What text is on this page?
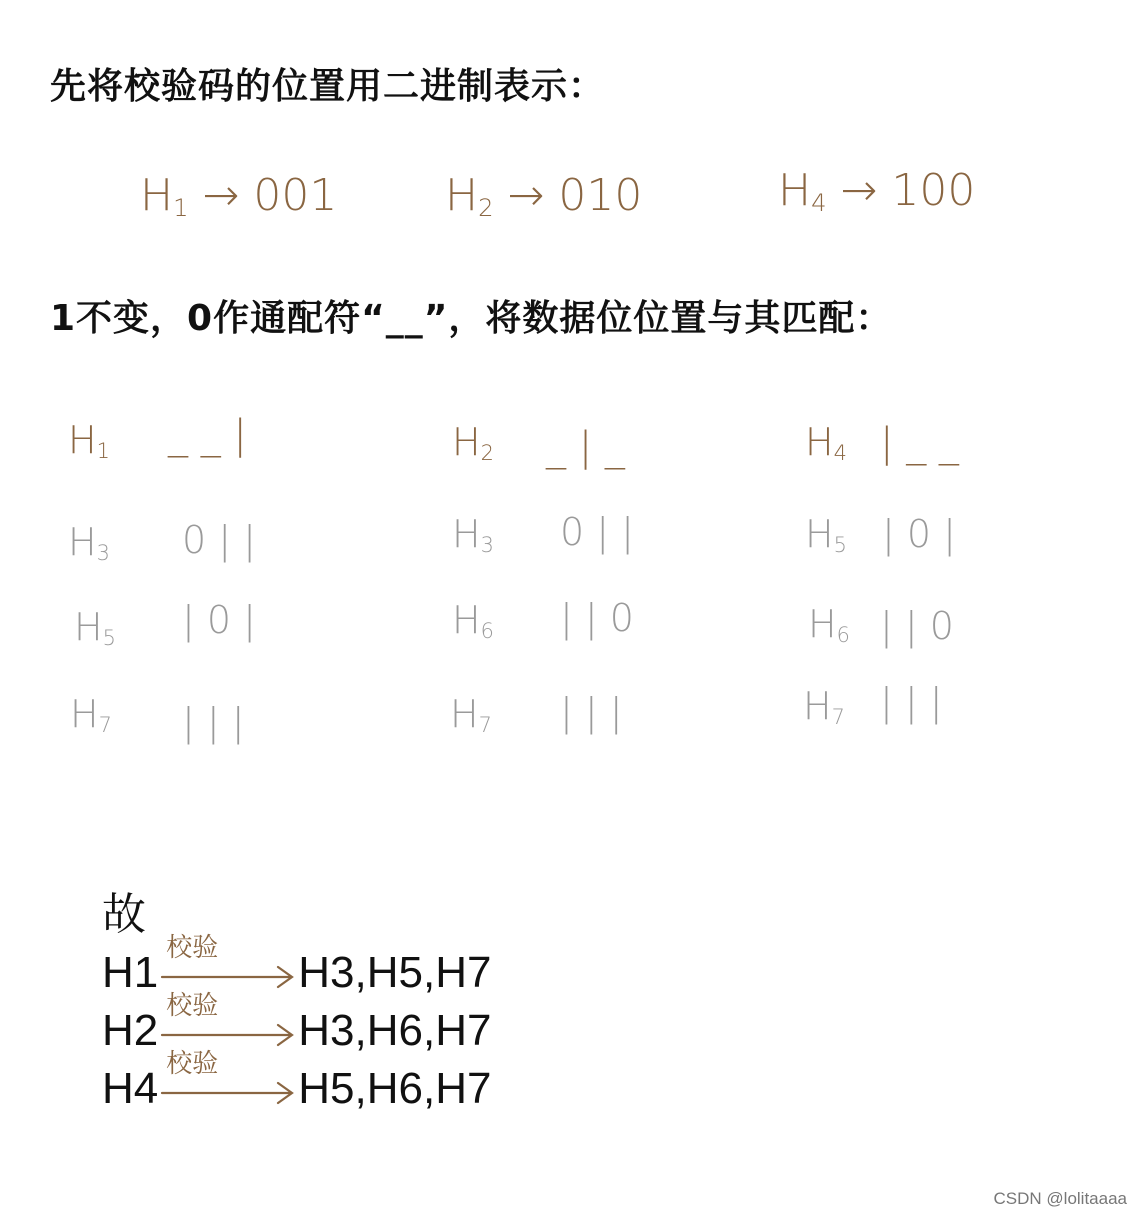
先将校验码的位置用二进制表示：
$H_1 \to 001$ $H_2 \to 010$	$H_4 \to 100$
1不变，0作通配符“__”，将数据位位置与其匹配：
$H_1$ _ _ |
$H_3$ 0 | |
$H_5$ | 0 |
$H_7$ | | |
$H_2$ _ | _
$H_3$ 0 | |
$H_6$ | | 0
$H_7$ | | |
$H_4$ | _ _
$H_5$ | 0 |
$H_6$ | | 0
$H_7$ | | |
故
H1 校验 H3,H5,H7
H2 校验 H3,H6,H7
H4 校验 H5,H6,H7
CSDN @lolitaaaa
